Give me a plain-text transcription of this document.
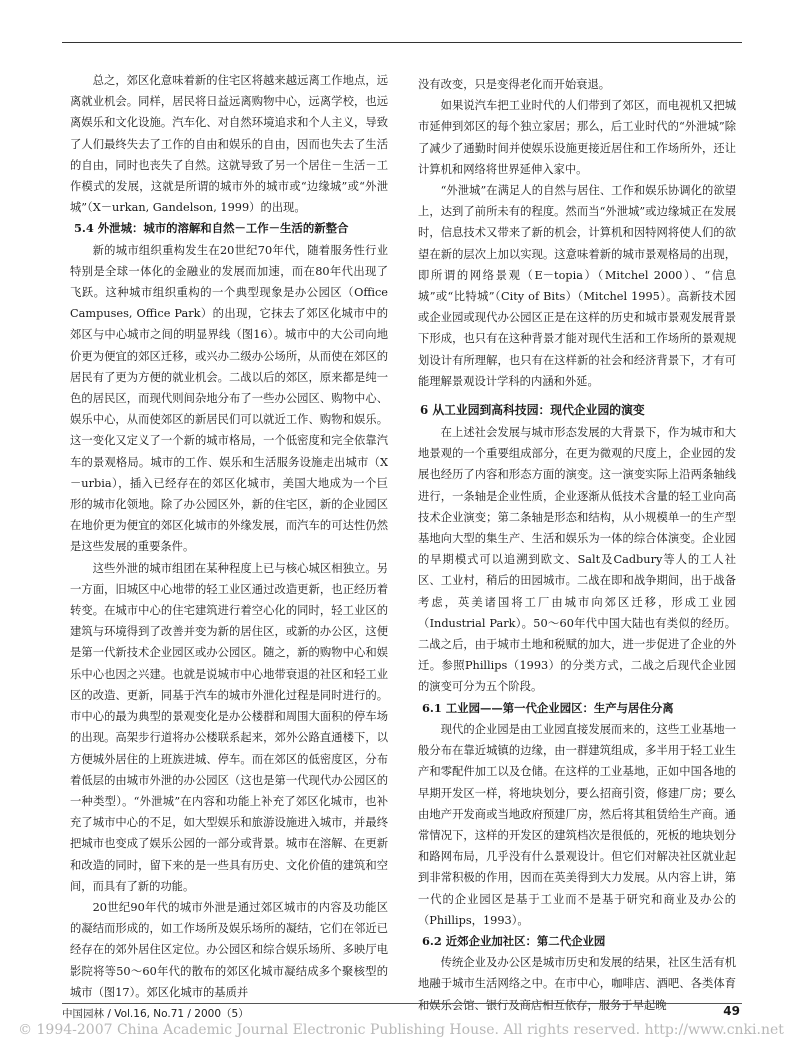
总之，郊区化意味着新的住宅区将越来越远离工作地点，远离就业机会。同样，居民将日益远离购物中心，远离学校，也远离娱乐和文化设施。汽车化、对自然环境追求和个人主义，导致了人们最终失去了工作的自由和娱乐的自由，因而也失去了生活的自由，同时也丧失了自然。这就导致了另一个居住－生活－工作模式的发展，这就是所谓的城市外的城市或“边缘城”或“外泄城”（X－urkan, Gandelson, 1999）的出现。

5.4 外泄城：城市的溶解和自然－工作－生活的新整合

新的城市组织重构发生在20世纪70年代，随着服务性行业特别是全球一体化的金融业的发展而加速，而在80年代出现了飞跃。这种城市组织重构的一个典型现象是办公园区（Office Campuses, Office Park）的出现，它抹去了郊区化城市中的郊区与中心城市之间的明显界线（图16）。城市中的大公司向地价更为便宜的郊区迁移，或兴办二级办公场所，从而使在郊区的居民有了更为方便的就业机会。二战以后的郊区，原来都是纯一色的居民区，而现代则间杂地分布了一些办公园区、购物中心、娱乐中心，从而使郊区的新居民们可以就近工作、购物和娱乐。这一变化又定义了一个新的城市格局，一个低密度和完全依靠汽车的景观格局。城市的工作、娱乐和生活服务设施走出城市（X－urbia），插入已经存在的郊区化城市，美国大地成为一个巨形的城市化领地。除了办公园区外，新的住宅区，新的企业园区在地价更为便宜的郊区化城市的外缘发展，而汽车的可达性仍然是这些发展的重要条件。

这些外泄的城市组团在某种程度上已与核心城区相独立。另一方面，旧城区中心地带的轻工业区通过改造更新，也正经历着转变。在城市中心的住宅建筑进行着空心化的同时，轻工业区的建筑与环境得到了改善并变为新的居住区，或新的办公区，这便是第一代新技术企业园区或办公园区。随之，新的购物中心和娱乐中心也因之兴建。也就是说城市中心地带衰退的社区和轻工业区的改造、更新，同基于汽车的城市外泄化过程是同时进行的。市中心的最为典型的景观变化是办公楼群和周围大面积的停车场的出现。高架步行道将办公楼联系起来，郊外公路直通楼下，以方便城外居住的上班族进城、停车。而在郊区的低密度区，分布着低层的由城市外泄的办公园区（这也是第一代现代办公园区的一种类型）。“外泄城”在内容和功能上补充了郊区化城市，也补充了城市中心的不足，如大型娱乐和旅游设施进入城市，并最终把城市也变成了娱乐公园的一部分或背景。城市在溶解、在更新和改造的同时，留下来的是一些具有历史、文化价值的建筑和空间，而具有了新的功能。

20世纪90年代的城市外泄是通过郊区城市的内容及功能区的凝结而形成的，如工作场所及娱乐场所的凝结，它们在邻近已经存在的郊外居住区定位。办公园区和综合娱乐场所、多映厅电影院将等50～60年代的散布的郊区化城市凝结成多个聚核型的城市（图17）。郊区化城市的基质并

没有改变，只是变得老化而开始衰退。

如果说汽车把工业时代的人们带到了郊区，而电视机又把城市延伸到郊区的每个独立家居；那么，后工业时代的“外泄城”除了减少了通勤时间并使娱乐设施更接近居住和工作场所外，还让计算机和网络将世界延伸入家中。

“外泄城”在满足人的自然与居住、工作和娱乐协调化的欲望上，达到了前所未有的程度。然而当“外泄城”或边缘城正在发展时，信息技术又带来了新的机会，计算机和因特网将使人们的欲望在新的层次上加以实现。这意味着新的城市景观格局的出现，即所谓的网络景观（E－topia）（Mitchel 2000）、“信息城”或“比特城”（City of Bits）（Mitchel 1995）。高新技术园或企业园或现代办公园区正是在这样的历史和城市景观发展背景下形成，也只有在这种背景才能对现代生活和工作场所的景观规划设计有所理解，也只有在这样新的社会和经济背景下，才有可能理解景观设计学科的内涵和外延。

6 从工业园到高科技园：现代企业园的演变

在上述社会发展与城市形态发展的大背景下，作为城市和大地景观的一个重要组成部分，在更为微观的尺度上，企业园的发展也经历了内容和形态方面的演变。这一演变实际上沿两条轴线进行，一条轴是企业性质，企业逐渐从低技术含量的轻工业向高技术企业演变；第二条轴是形态和结构，从小规模单一的生产型基地向大型的集生产、生活和娱乐为一体的综合体演变。企业园的早期模式可以追溯到欧文、Salt及Cadbury等人的工人社区、工业村，稍后的田园城市。二战在即和战争期间，出于战备考虑，英美诸国将工厂由城市向郊区迁移，形成工业园（Industrial Park）。50～60年代中国大陆也有类似的经历。二战之后，由于城市土地和税赋的加大，进一步促进了企业的外迁。参照Phillips（1993）的分类方式，二战之后现代企业园的演变可分为五个阶段。

6.1 工业园——第一代企业园区：生产与居住分离

现代的企业园是由工业园直接发展而来的，这些工业基地一般分布在靠近城镇的边缘，由一群建筑组成，多半用于轻工业生产和零配件加工以及仓储。在这样的工业基地，正如中国各地的早期开发区一样，将地块划分，要么招商引资，修建厂房；要么由地产开发商或当地政府预建厂房，然后将其租赁给生产商。通常情况下，这样的开发区的建筑档次是很低的，死板的地块划分和路网布局，几乎没有什么景观设计。但它们对解决社区就业起到非常积极的作用，因而在英美得到大力发展。从内容上讲，第一代的企业园区是基于工业而不是基于研究和商业及办公的（Phillips，1993）。

6.2 近郊企业加社区：第二代企业园

传统企业及办公区是城市历史和发展的结果，社区生活有机地融于城市生活网络之中。在市中心，咖啡店、酒吧、各类体育和娱乐会馆、银行及商店相互依存，服务于早起晚

中国园林 / Vol.16, No.71 / 2000（5）	49
© 1994-2007 China Academic Journal Electronic Publishing House. All rights reserved. http://www.cnki.net
